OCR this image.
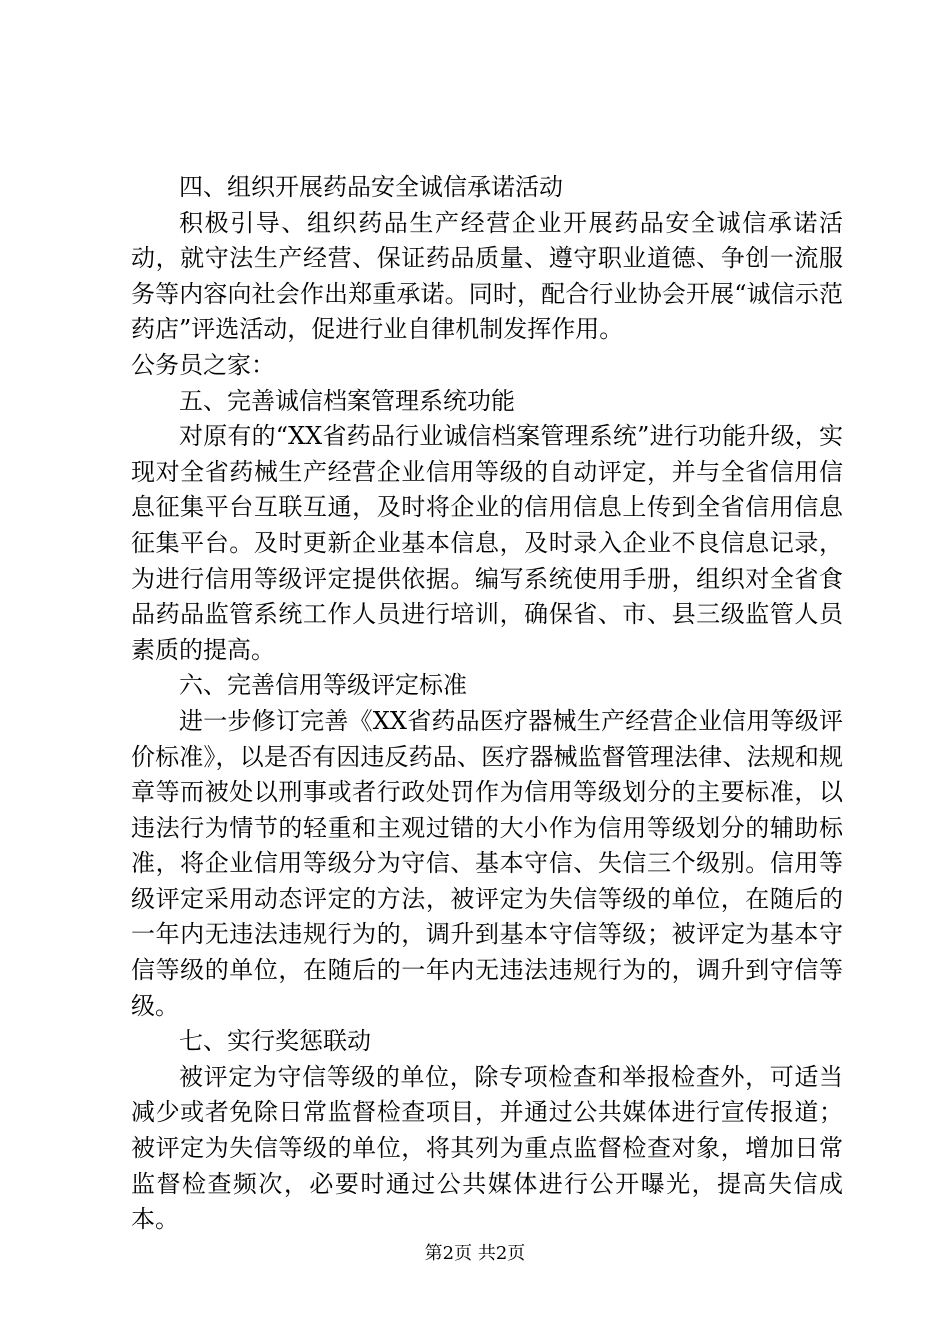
四、组织开展药品安全诚信承诺活动

积极引导、组织药品生产经营企业开展药品安全诚信承诺活动，就守法生产经营、保证药品质量、遵守职业道德、争创一流服务等内容向社会作出郑重承诺。同时，配合行业协会开展“诚信示范药店”评选活动，促进行业自律机制发挥作用。

公务员之家：

五、完善诚信档案管理系统功能

对原有的“XX省药品行业诚信档案管理系统”进行功能升级，实现对全省药械生产经营企业信用等级的自动评定，并与全省信用信息征集平台互联互通，及时将企业的信用信息上传到全省信用信息征集平台。及时更新企业基本信息，及时录入企业不良信息记录，为进行信用等级评定提供依据。编写系统使用手册，组织对全省食品药品监管系统工作人员进行培训，确保省、市、县三级监管人员素质的提高。

六、完善信用等级评定标准

进一步修订完善《XX省药品医疗器械生产经营企业信用等级评价标准》，以是否有因违反药品、医疗器械监督管理法律、法规和规章等而被处以刑事或者行政处罚作为信用等级划分的主要标准，以违法行为情节的轻重和主观过错的大小作为信用等级划分的辅助标准，将企业信用等级分为守信、基本守信、失信三个级别。信用等级评定采用动态评定的方法，被评定为失信等级的单位，在随后的一年内无违法违规行为的，调升到基本守信等级；被评定为基本守信等级的单位，在随后的一年内无违法违规行为的，调升到守信等级。

七、实行奖惩联动

被评定为守信等级的单位，除专项检查和举报检查外，可适当减少或者免除日常监督检查项目，并通过公共媒体进行宣传报道；被评定为失信等级的单位，将其列为重点监督检查对象，增加日常监督检查频次，必要时通过公共媒体进行公开曝光，提高失信成本。

第2页 共2页
